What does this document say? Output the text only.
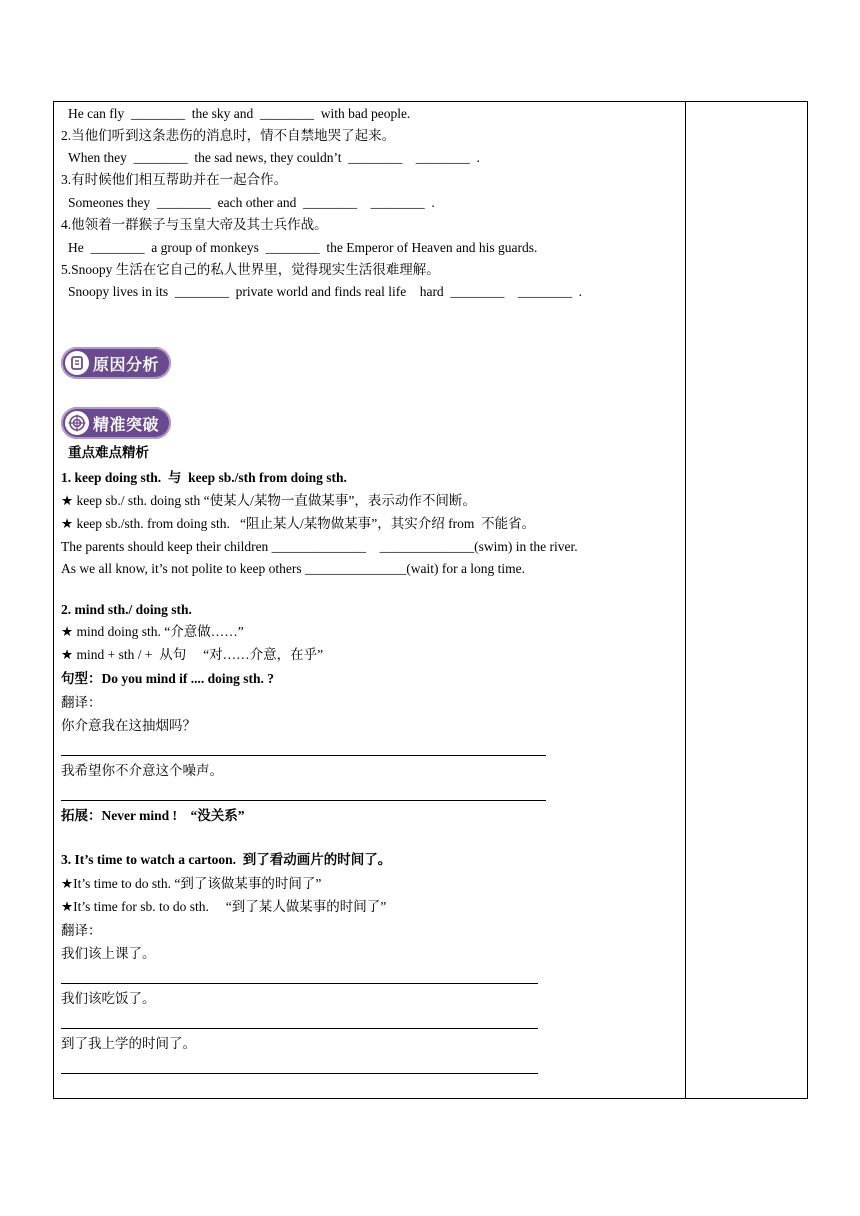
He can fly  ________  the sky and  ________  with bad people.
2.当他们听到这条悲伤的消息时，情不自禁地哭了起来。
When they  ________  the sad news, they couldn’t  ________    ________  .
3.有时候他们相互帮助并在一起合作。
Someones they  ________  each other and  ________    ________  .
4.他领着一群猴子与玉皇大帝及其士兵作战。
He  ________  a group of monkeys  ________  the Emperor of Heaven and his guards.
5.Snoopy 生活在它自己的私人世界里，觉得现实生活很难理解。
Snoopy lives in its  ________  private world and finds real life    hard  ________    ________  .
原因分析
精准突破
重点难点精析
1. keep doing sth.  与  keep sb./sth from doing sth.
★ keep sb./ sth. doing sth “使某人/某物一直做某事”，表示动作不间断。
★ keep sb./sth. from doing sth.   “阻止某人/某物做某事”，其实介绍 from  不能省。
The parents should keep their children ______________    ______________(swim) in the river.
As we all know, it’s not polite to keep others _______________(wait) for a long time.
2. mind sth./ doing sth.
★ mind doing sth. “介意做……”
★ mind + sth / +  从句     “对……介意，在乎”
句型：Do you mind if .... doing sth. ?
翻译：
你介意我在这抽烟吗？
我希望你不介意这个噪声。
拓展：Never mind !    “没关系”
3. It’s time to watch a cartoon.  到了看动画片的时间了。
★It’s time to do sth. “到了该做某事的时间了”
★It’s time for sb. to do sth.     “到了某人做某事的时间了”
翻译：
我们该上课了。
我们该吃饭了。
到了我上学的时间了。
